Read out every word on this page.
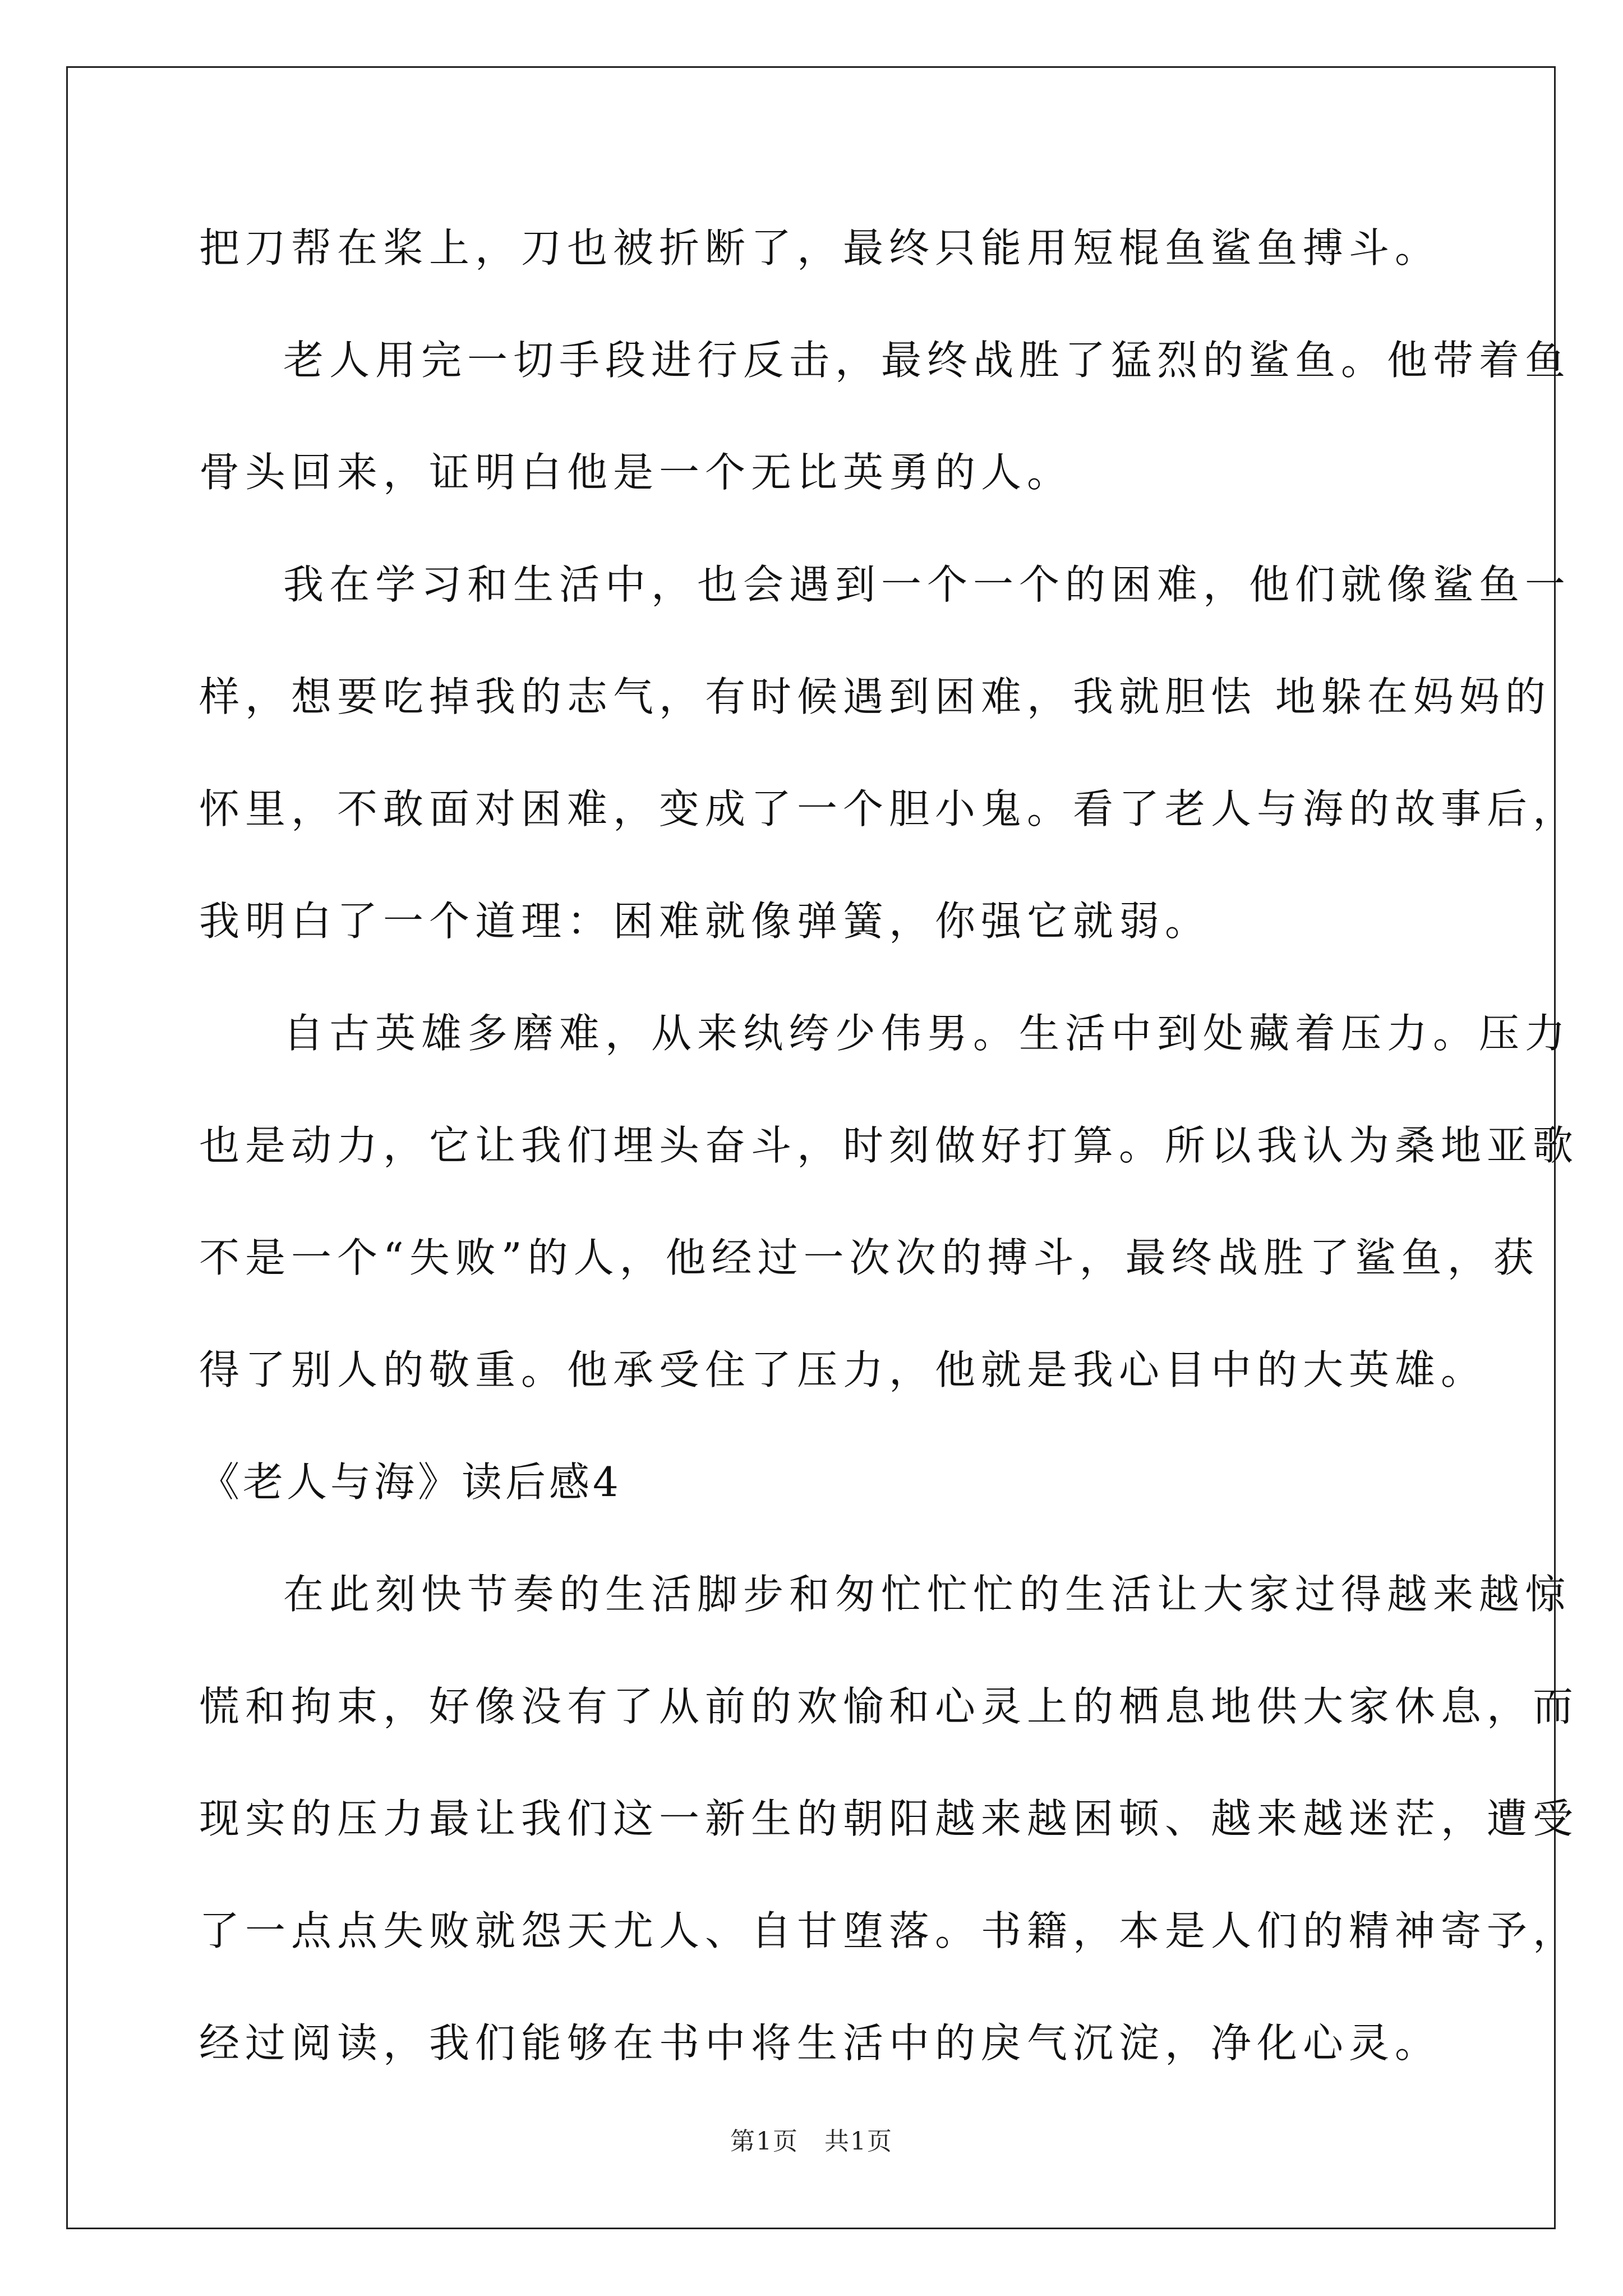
把刀帮在桨上，刀也被折断了，最终只能用短棍鱼鲨鱼搏斗。
老人用完一切手段进行反击，最终战胜了猛烈的鲨鱼。他带着鱼
骨头回来，证明白他是一个无比英勇的人。
我在学习和生活中，也会遇到一个一个的困难，他们就像鲨鱼一
样，想要吃掉我的志气，有时候遇到困难，我就胆怯 地躲在妈妈的
怀里，不敢面对困难，变成了一个胆小鬼。看了老人与海的故事后，
我明白了一个道理：困难就像弹簧，你强它就弱。
自古英雄多磨难，从来纨绔少伟男。生活中到处藏着压力。压力
也是动力，它让我们埋头奋斗，时刻做好打算。所以我认为桑地亚歌
不是一个“失败”的人，他经过一次次的搏斗，最终战胜了鲨鱼，获
得了别人的敬重。他承受住了压力，他就是我心目中的大英雄。
《老人与海》读后感4
在此刻快节奏的生活脚步和匆忙忙忙的生活让大家过得越来越惊
慌和拘束，好像没有了从前的欢愉和心灵上的栖息地供大家休息，而
现实的压力最让我们这一新生的朝阳越来越困顿、越来越迷茫，遭受
了一点点失败就怨天尤人、自甘堕落。书籍，本是人们的精神寄予，
经过阅读，我们能够在书中将生活中的戾气沉淀，净化心灵。
第1页　共1页
